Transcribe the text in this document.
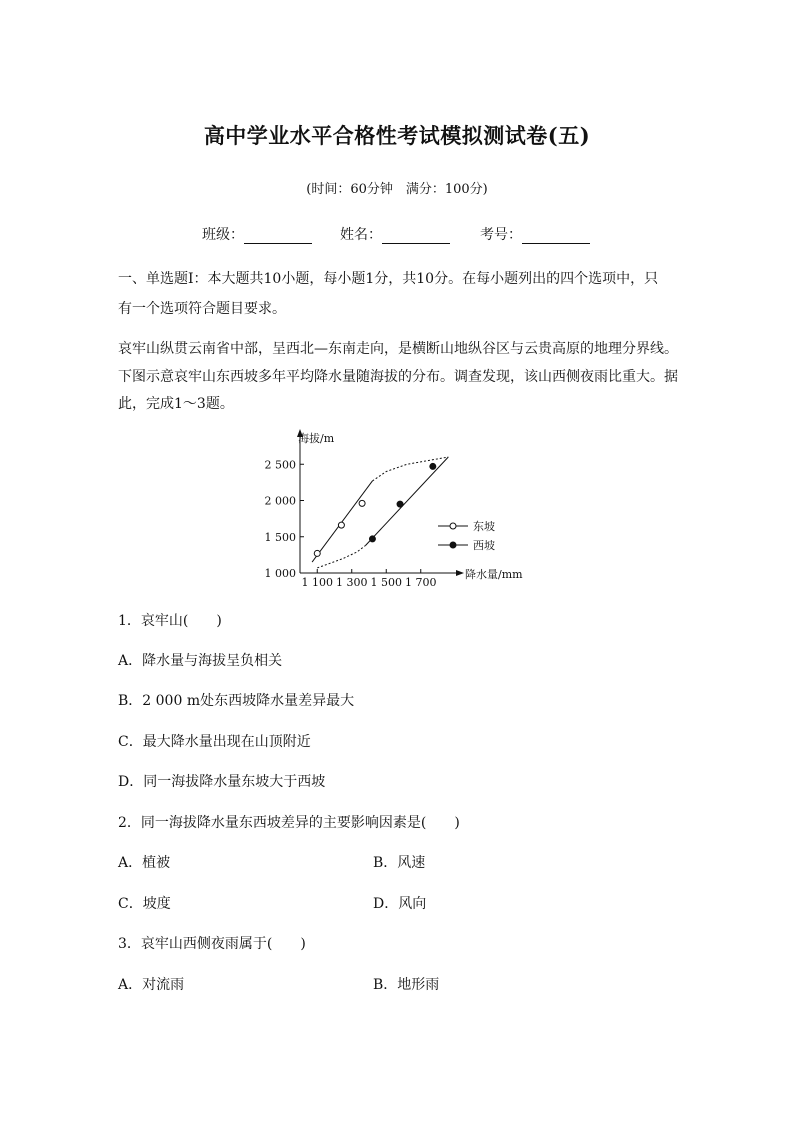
高中学业水平合格性考试模拟测试卷(五)
(时间：60分钟　满分：100分)
班级：	姓名：	考号：
一、单选题Ⅰ：本大题共10小题，每小题1分，共10分。在每小题列出的四个选项中，只
有一个选项符合题目要求。
哀牢山纵贯云南省中部，呈西北—东南走向，是横断山地纵谷区与云贵高原的地理分界线。
下图示意哀牢山东西坡多年平均降水量随海拔的分布。调查发现，该山西侧夜雨比重大。据
此，完成1～3题。
1 000
1 500
2 000
2 500
1 100 1 300 1 500 1 700
海拔/m
降水量/mm
东坡
西坡
1．哀牢山(　　)
A．降水量与海拔呈负相关
B．2 000 m处东西坡降水量差异最大
C．最大降水量出现在山顶附近
D．同一海拔降水量东坡大于西坡
2．同一海拔降水量东西坡差异的主要影响因素是(　　)
A．植被	B．风速
C．坡度	D．风向
3．哀牢山西侧夜雨属于(　　)
A．对流雨	B．地形雨
